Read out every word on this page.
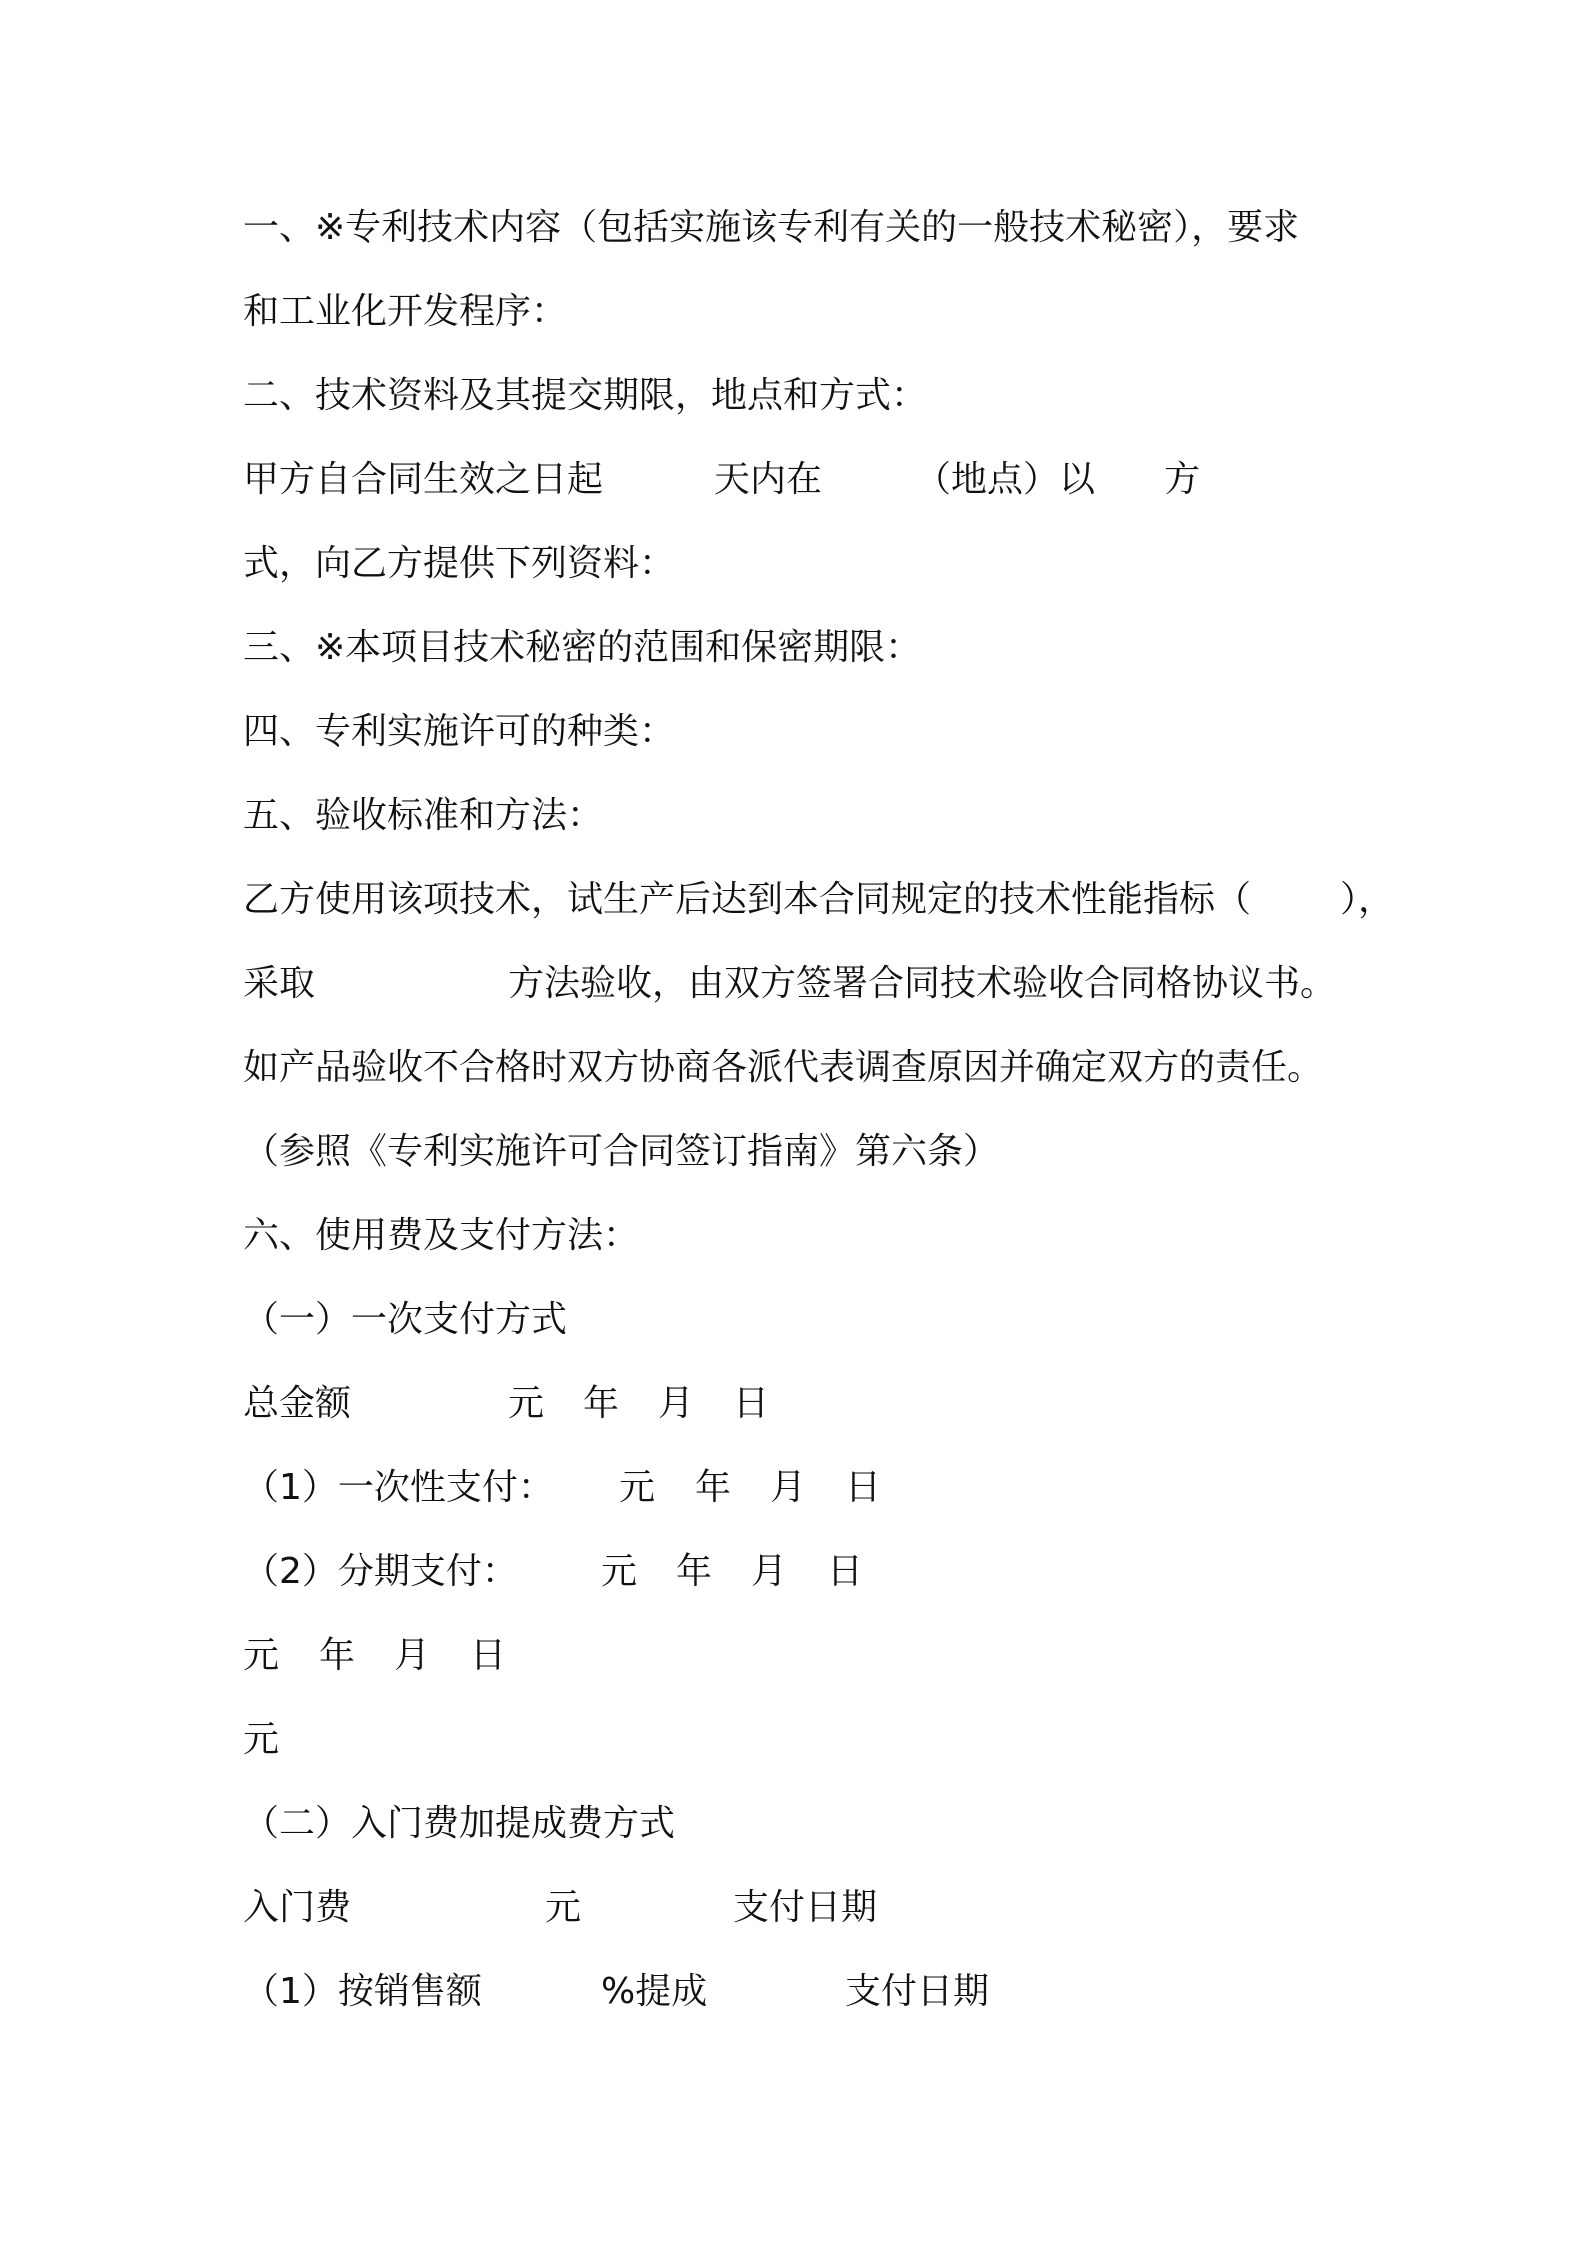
一、※专利技术内容（包括实施该专利有关的一般技术秘密），要求
和工业化开发程序：
二、技术资料及其提交期限，地点和方式：
甲方自合同生效之日起	天内在	（地点）以 方
式，向乙方提供下列资料：
三、※本项目技术秘密的范围和保密期限：
四、专利实施许可的种类：
五、验收标准和方法：
乙方使用该项技术，试生产后达到本合同规定的技术性能指标（ ），
采取	方法验收，由双方签署合同技术验收合同格协议书。
如产品验收不合格时双方协商各派代表调查原因并确定双方的责任。
（参照《专利实施许可合同签订指南》第六条）
六、使用费及支付方法：
（一）一次支付方式
总金额	元 年 月 日
（1）一次性支付： 元 年 月 日
（2）分期支付： 元 年 月 日
元 年 月 日
元
（二）入门费加提成费方式
入门费	元	支付日期
（1）按销售额	%提成	支付日期
